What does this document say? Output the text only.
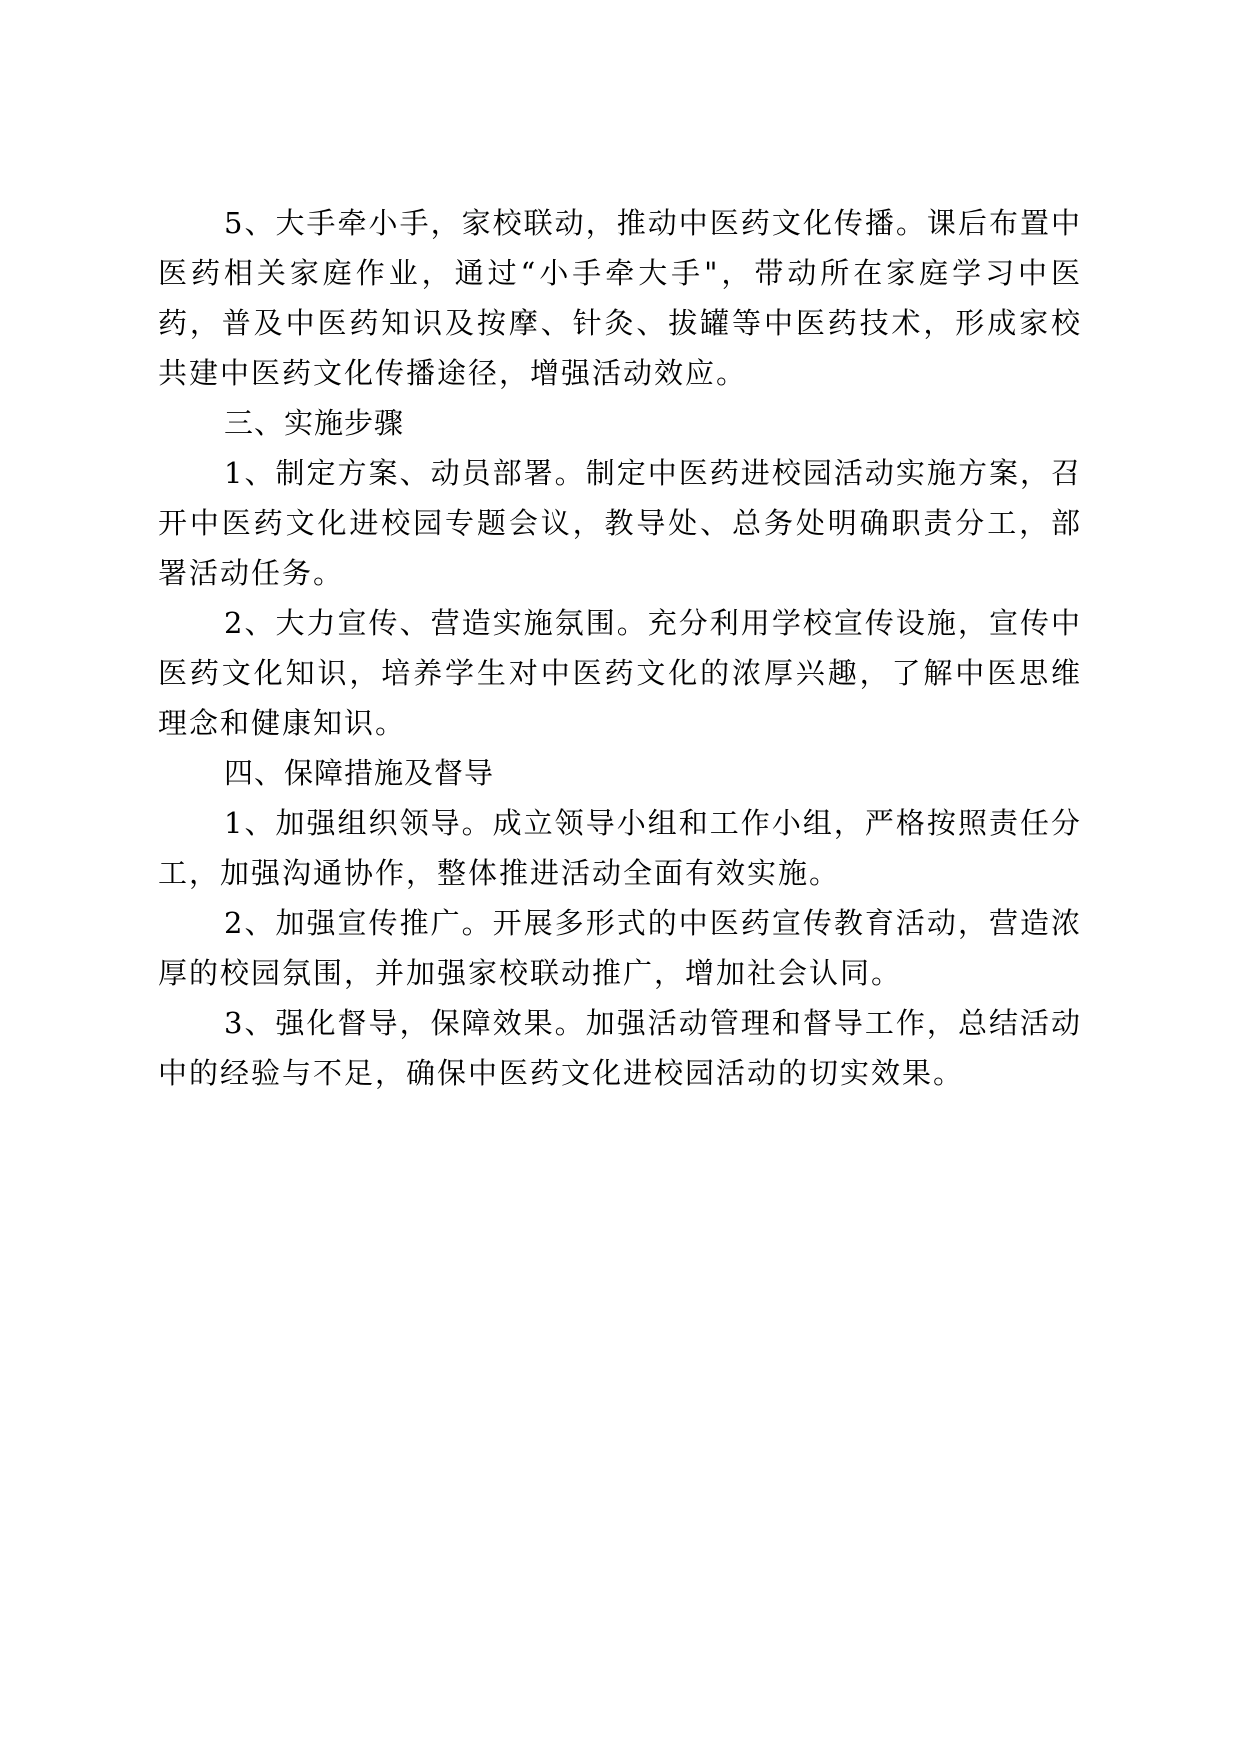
5、大手牵小手，家校联动，推动中医药文化传播。课后布置中医药相关家庭作业，通过“小手牵大手"，带动所在家庭学习中医药，普及中医药知识及按摩、针灸、拔罐等中医药技术，形成家校共建中医药文化传播途径，增强活动效应。

三、实施步骤

1、制定方案、动员部署。制定中医药进校园活动实施方案，召开中医药文化进校园专题会议，教导处、总务处明确职责分工，部署活动任务。

2、大力宣传、营造实施氛围。充分利用学校宣传设施，宣传中医药文化知识，培养学生对中医药文化的浓厚兴趣，了解中医思维理念和健康知识。

四、保障措施及督导

1、加强组织领导。成立领导小组和工作小组，严格按照责任分工，加强沟通协作，整体推进活动全面有效实施。

2、加强宣传推广。开展多形式的中医药宣传教育活动，营造浓厚的校园氛围，并加强家校联动推广，增加社会认同。

3、强化督导，保障效果。加强活动管理和督导工作，总结活动中的经验与不足，确保中医药文化进校园活动的切实效果。
